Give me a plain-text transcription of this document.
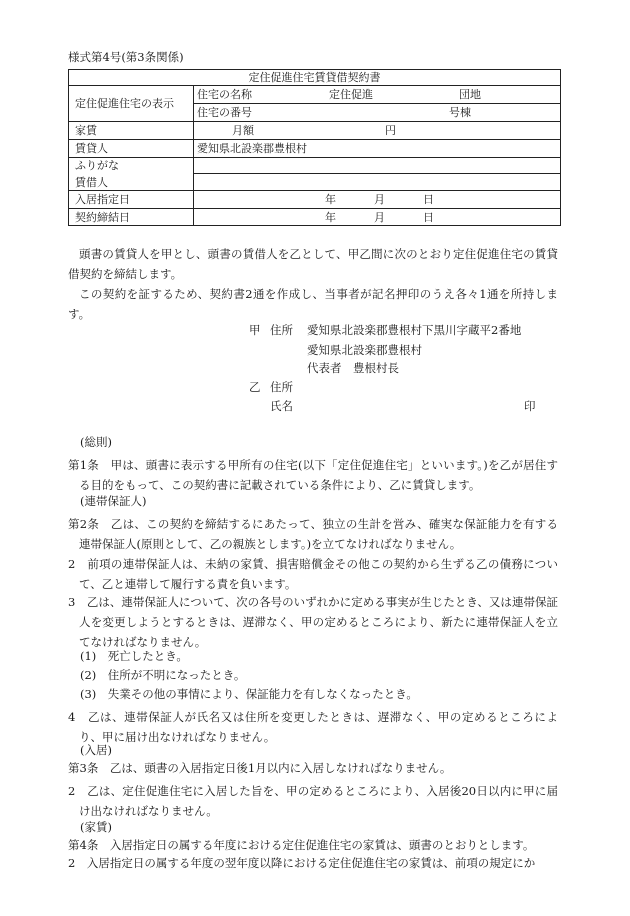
様式第4号(第3条関係)
定住促進住宅賃貸借契約書
定住促進住宅の表示
住宅の名称	定住促進	団地
住宅の番号	号棟
家賃	月額	円
賃貸人	愛知県北設楽郡豊根村
ふりがな
賃借人
入居指定日	年	月	日
契約締結日	年	月	日
頭書の賃貸人を甲とし、頭書の賃借人を乙として、甲乙間に次のとおり定住促進住宅の賃貸借契約を締結します。
この契約を証するため、契約書2通を作成し、当事者が記名押印のうえ各々1通を所持します。
甲 住所 愛知県北設楽郡豊根村下黒川字蔵平2番地
愛知県北設楽郡豊根村
代表者　豊根村長
乙 住所
氏名	印
(総則)
第1条　甲は、頭書に表示する甲所有の住宅(以下「定住促進住宅」といいます。)を乙が居住する目的をもって、この契約書に記載されている条件により、乙に賃貸します。
(連帯保証人)
第2条　乙は、この契約を締結するにあたって、独立の生計を営み、確実な保証能力を有する連帯保証人(原則として、乙の親族とします。)を立てなければなりません。
2　前項の連帯保証人は、未納の家賃、損害賠償金その他この契約から生ずる乙の債務について、乙と連帯して履行する責を負います。
3　乙は、連帯保証人について、次の各号のいずれかに定める事実が生じたとき、又は連帯保証人を変更しようとするときは、遅滞なく、甲の定めるところにより、新たに連帯保証人を立てなければなりません。
(1)　死亡したとき。
(2)　住所が不明になったとき。
(3)　失業その他の事情により、保証能力を有しなくなったとき。
4　乙は、連帯保証人が氏名又は住所を変更したときは、遅滞なく、甲の定めるところにより、甲に届け出なければなりません。
(入居)
第3条　乙は、頭書の入居指定日後1月以内に入居しなければなりません。
2　乙は、定住促進住宅に入居した旨を、甲の定めるところにより、入居後20日以内に甲に届け出なければなりません。
(家賃)
第4条　入居指定日の属する年度における定住促進住宅の家賃は、頭書のとおりとします。
2　入居指定日の属する年度の翌年度以降における定住促進住宅の家賃は、前項の規定にか
